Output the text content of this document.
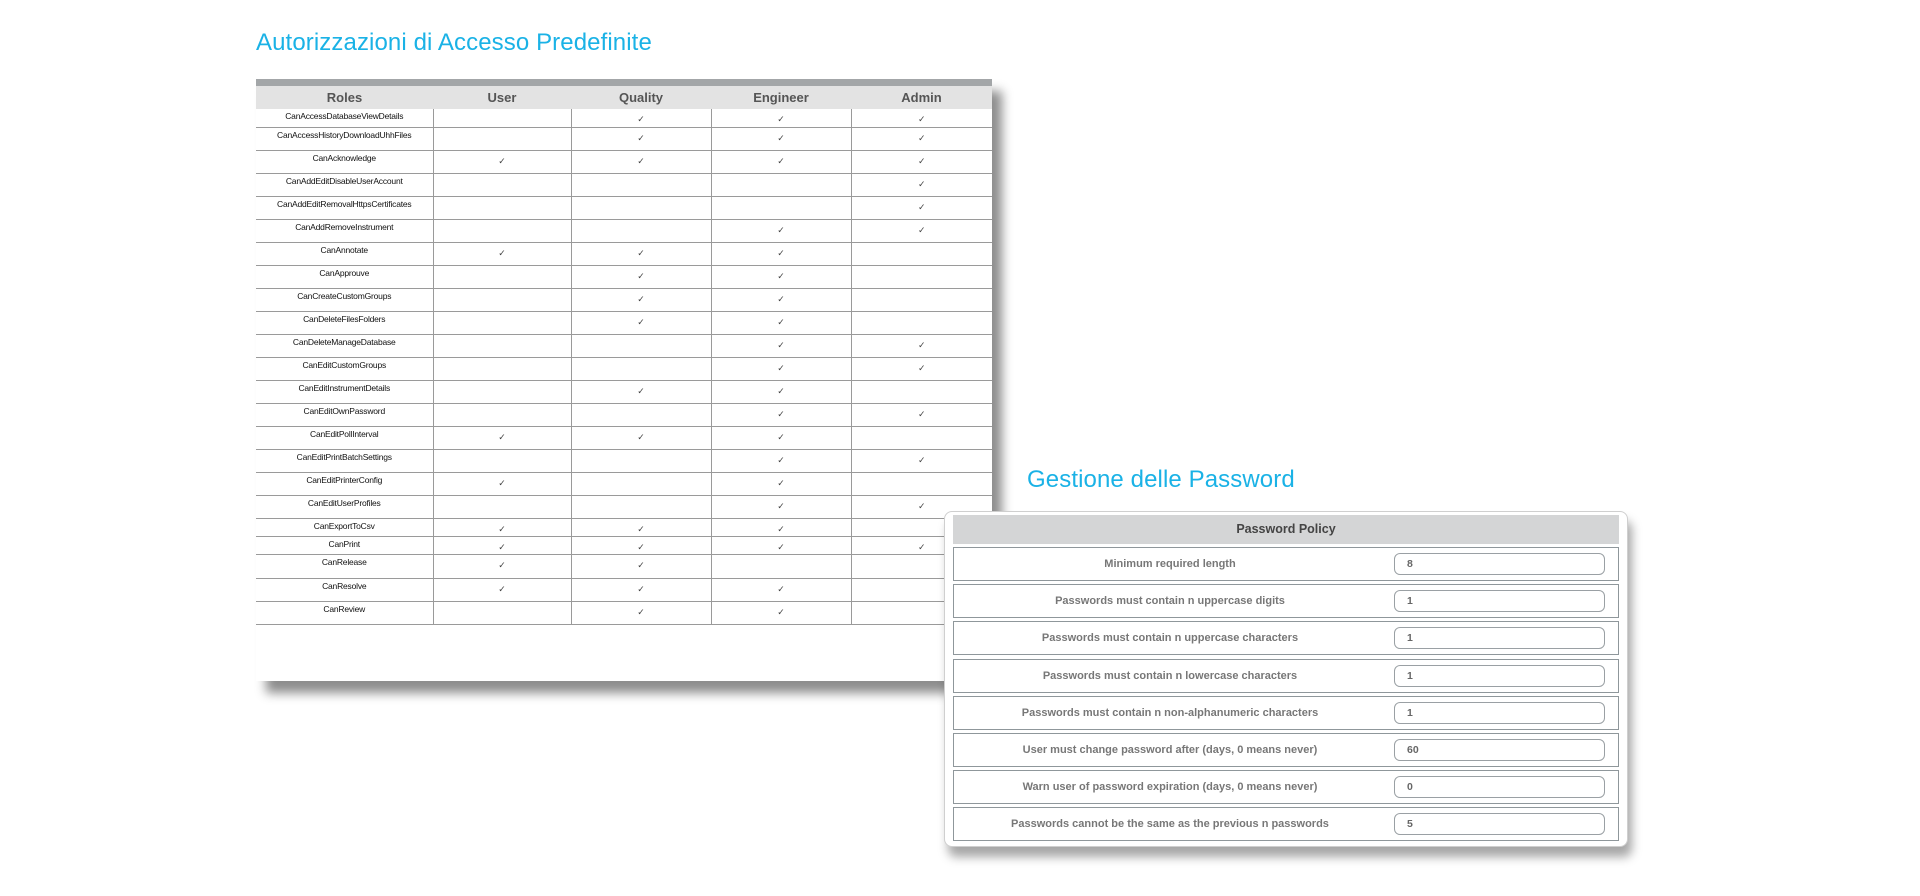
Autorizzazioni di Accesso Predefinite
Roles	User	Quality	Engineer	Admin
CanAccessDatabaseViewDetails		✓	✓	✓
CanAccessHistoryDownloadUhhFiles		✓	✓	✓
CanAcknowledge	✓	✓	✓	✓
CanAddEditDisableUserAccount				✓
CanAddEditRemovalHttpsCertificates				✓
CanAddRemoveInstrument			✓	✓
CanAnnotate	✓	✓	✓	
CanApprouve		✓	✓	
CanCreateCustomGroups		✓	✓	
CanDeleteFilesFolders		✓	✓	
CanDeleteManageDatabase			✓	✓
CanEditCustomGroups			✓	✓
CanEditInstrumentDetails		✓	✓	
CanEditOwnPassword			✓	✓
CanEditPollInterval	✓	✓	✓	
CanEditPrintBatchSettings			✓	✓
CanEditPrinterConfig	✓		✓	
CanEditUserProfiles			✓	✓
CanExportToCsv	✓	✓	✓	
CanPrint	✓	✓	✓	✓
CanRelease	✓	✓		
CanResolve	✓	✓	✓	
CanReview		✓	✓	
Gestione delle Password
Password Policy
Minimum required length
8
Passwords must contain n uppercase digits
1
Passwords must contain n uppercase characters
1
Passwords must contain n lowercase characters
1
Passwords must contain n non-alphanumeric characters
1
User must change password after (days, 0 means never)
60
Warn user of password expiration (days, 0 means never)
0
Passwords cannot be the same as the previous n passwords
5
